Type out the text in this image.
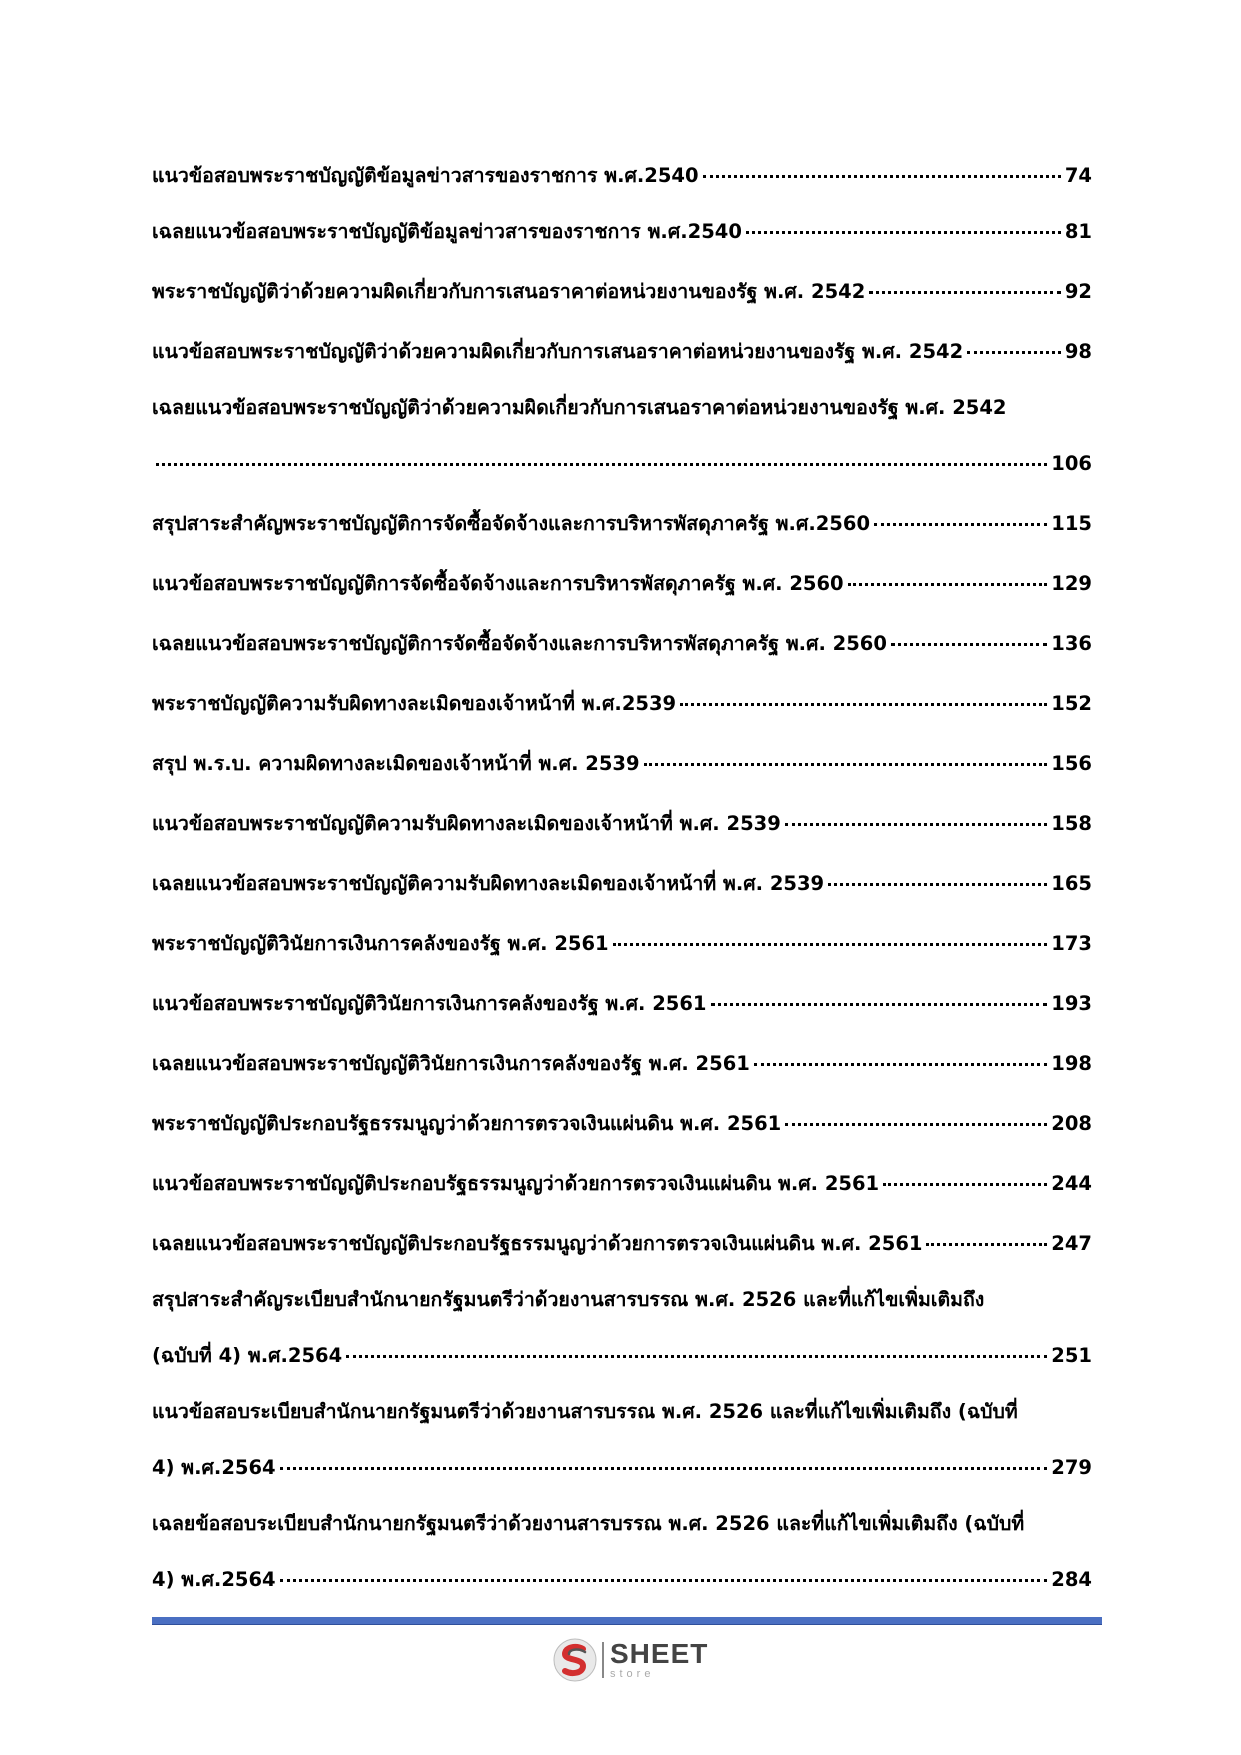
แนวข้อสอบพระราชบัญญัติข้อมูลข่าวสารของราชการ พ.ศ.2540	74
เฉลยแนวข้อสอบพระราชบัญญัติข้อมูลข่าวสารของราชการ พ.ศ.2540	81
พระราชบัญญัติว่าด้วยความผิดเกี่ยวกับการเสนอราคาต่อหน่วยงานของรัฐ พ.ศ. 2542	92
แนวข้อสอบพระราชบัญญัติว่าด้วยความผิดเกี่ยวกับการเสนอราคาต่อหน่วยงานของรัฐ พ.ศ. 2542	98
เฉลยแนวข้อสอบพระราชบัญญัติว่าด้วยความผิดเกี่ยวกับการเสนอราคาต่อหน่วยงานของรัฐ พ.ศ. 2542
106
สรุปสาระสำคัญพระราชบัญญัติการจัดซื้อจัดจ้างและการบริหารพัสดุภาครัฐ พ.ศ.2560	115
แนวข้อสอบพระราชบัญญัติการจัดซื้อจัดจ้างและการบริหารพัสดุภาครัฐ พ.ศ. 2560	129
เฉลยแนวข้อสอบพระราชบัญญัติการจัดซื้อจัดจ้างและการบริหารพัสดุภาครัฐ พ.ศ. 2560	136
พระราชบัญญัติความรับผิดทางละเมิดของเจ้าหน้าที่ พ.ศ.2539	152
สรุป พ.ร.บ. ความผิดทางละเมิดของเจ้าหน้าที่ พ.ศ. 2539	156
แนวข้อสอบพระราชบัญญัติความรับผิดทางละเมิดของเจ้าหน้าที่ พ.ศ. 2539	158
เฉลยแนวข้อสอบพระราชบัญญัติความรับผิดทางละเมิดของเจ้าหน้าที่ พ.ศ. 2539	165
พระราชบัญญัติวินัยการเงินการคลังของรัฐ พ.ศ. 2561	173
แนวข้อสอบพระราชบัญญัติวินัยการเงินการคลังของรัฐ พ.ศ. 2561	193
เฉลยแนวข้อสอบพระราชบัญญัติวินัยการเงินการคลังของรัฐ พ.ศ. 2561	198
พระราชบัญญัติประกอบรัฐธรรมนูญว่าด้วยการตรวจเงินแผ่นดิน พ.ศ. 2561	208
แนวข้อสอบพระราชบัญญัติประกอบรัฐธรรมนูญว่าด้วยการตรวจเงินแผ่นดิน พ.ศ. 2561	244
เฉลยแนวข้อสอบพระราชบัญญัติประกอบรัฐธรรมนูญว่าด้วยการตรวจเงินแผ่นดิน พ.ศ. 2561	247
สรุปสาระสำคัญระเบียบสำนักนายกรัฐมนตรีว่าด้วยงานสารบรรณ พ.ศ. 2526 และที่แก้ไขเพิ่มเติมถึง
(ฉบับที่ 4) พ.ศ.2564	251
แนวข้อสอบระเบียบสำนักนายกรัฐมนตรีว่าด้วยงานสารบรรณ พ.ศ. 2526 และที่แก้ไขเพิ่มเติมถึง (ฉบับที่
4) พ.ศ.2564	279
เฉลยข้อสอบระเบียบสำนักนายกรัฐมนตรีว่าด้วยงานสารบรรณ พ.ศ. 2526 และที่แก้ไขเพิ่มเติมถึง (ฉบับที่
4) พ.ศ.2564	284
SHEET
store
